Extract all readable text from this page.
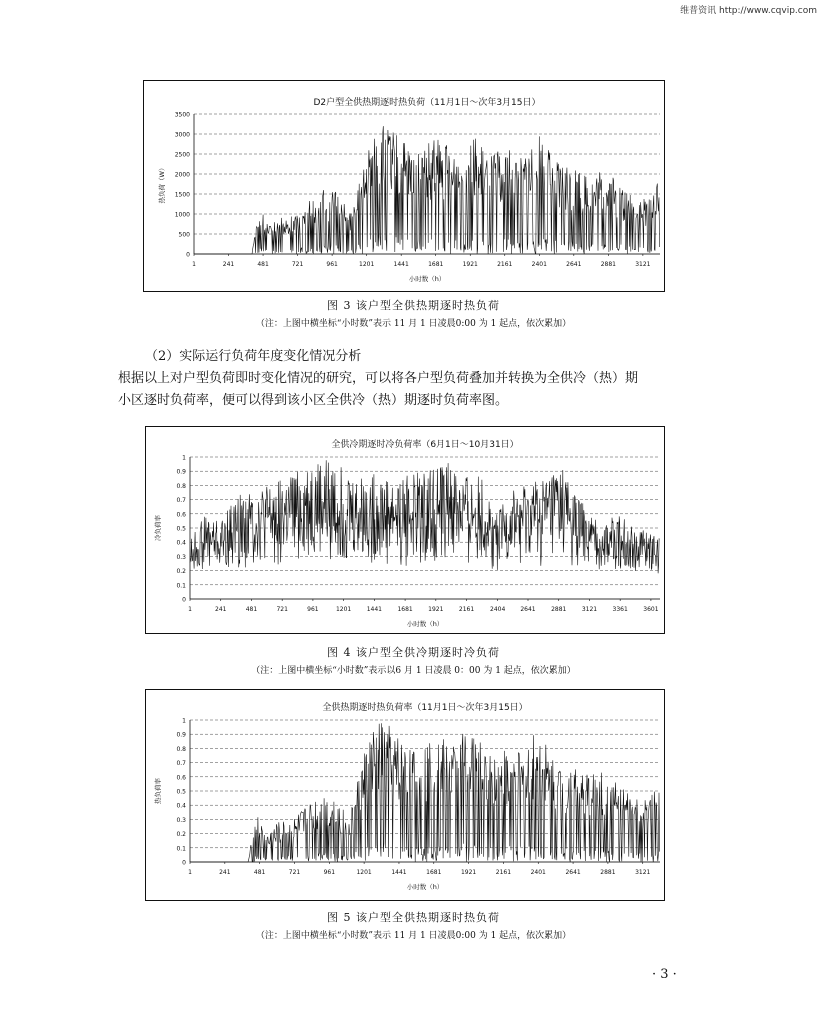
维普资讯 http://www.cqvip.com
D2户型全供热期逐时热负荷（11月1日～次年3月15日）
0
500
1000
1500
2000
2500
3000
3500
1	241	481	721	961	1201	1441	1681	1921	2161	2401	2641	2881	3121
小时数（h）
热负荷（W）
图 3 该户型全供热期逐时热负荷
（注：上图中横坐标“小时数”表示 11 月 1 日凌晨0:00 为 1 起点，依次累加）
（2）实际运行负荷年度变化情况分析
根据以上对户型负荷即时变化情况的研究，可以将各户型负荷叠加并转换为全供冷（热）期
小区逐时负荷率，便可以得到该小区全供冷（热）期逐时负荷率图。
全供冷期逐时冷负荷率（6月1日～10月31日）
0
0.1
0.2
0.3
0.4
0.5
0.6
0.7
0.8
0.9
1
1	241	481	721	961	1201	1441	1681	1921	2161	2404	2641	2881	3121	3361	3601
小时数（h）
冷负荷率
图 4 该户型全供冷期逐时冷负荷
（注：上图中横坐标“小时数”表示以6 月 1 日凌晨 0：00 为 1 起点，依次累加）
全供热期逐时热负荷率（11月1日～次年3月15日）
0
0.1
0.2
0.3
0.4
0.5
0.6
0.7
0.8
0.9
1
1	241	481	721	961	1201	1441	1681	1921	2161	2401	2641	2881	3121
小时数（h）
热负荷率
图 5 该户型全供热期逐时热负荷
（注：上图中横坐标“小时数”表示 11 月 1 日凌晨0:00 为 1 起点，依次累加）
· 3 ·
